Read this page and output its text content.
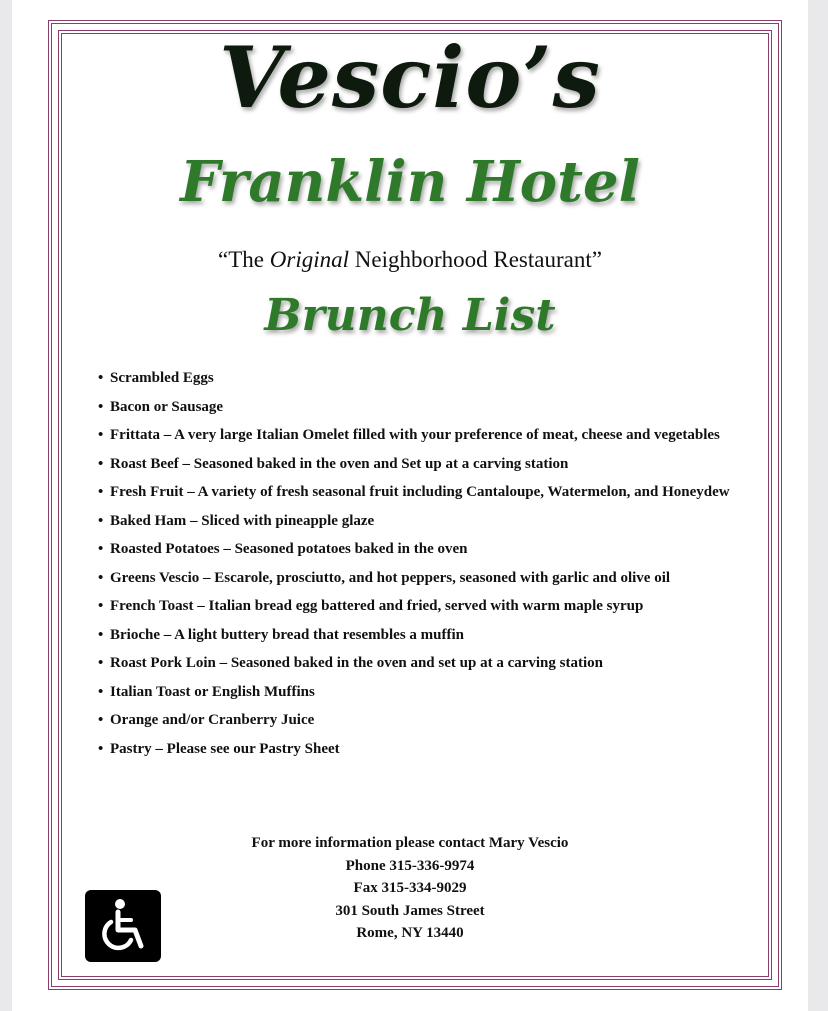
Vescio’s
Franklin Hotel
“The Original Neighborhood Restaurant”
Brunch List
• Scrambled Eggs
• Bacon or Sausage
• Frittata – A very large Italian Omelet filled with your preference of meat, cheese and vegetables
• Roast Beef – Seasoned baked in the oven and Set up at a carving station
• Fresh Fruit – A variety of fresh seasonal fruit including Cantaloupe, Watermelon, and Honeydew
• Baked Ham – Sliced with pineapple glaze
• Roasted Potatoes – Seasoned potatoes baked in the oven
• Greens Vescio – Escarole, prosciutto, and hot peppers, seasoned with garlic and olive oil
• French Toast – Italian bread egg battered and fried, served with warm maple syrup
• Brioche – A light buttery bread that resembles a muffin
• Roast Pork Loin – Seasoned baked in the oven and set up at a carving station
• Italian Toast or English Muffins
• Orange and/or Cranberry Juice
• Pastry – Please see our Pastry Sheet
For more information please contact Mary Vescio
Phone 315-336-9974
Fax 315-334-9029
301 South James Street
Rome, NY 13440
